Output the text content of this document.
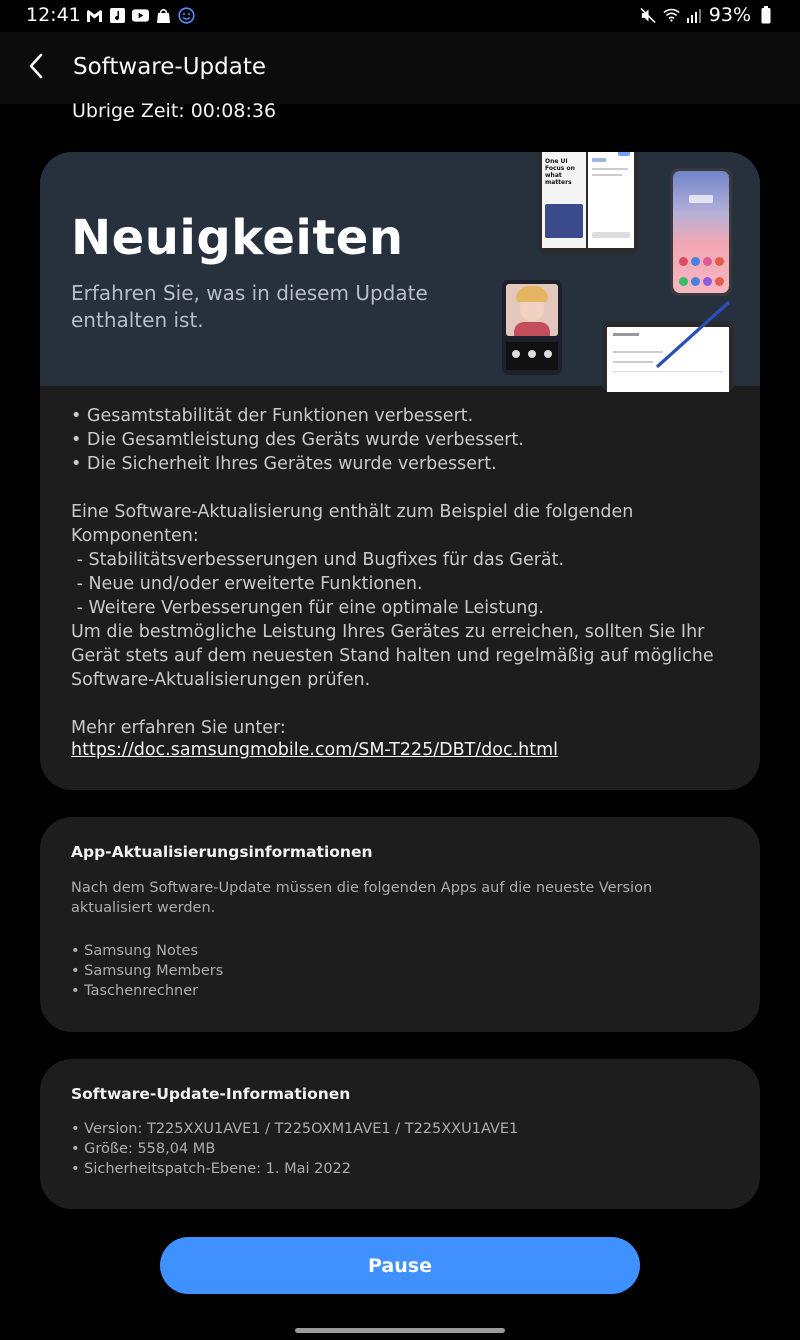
12:41	93%
Software-Update
Ubrige Zeit: 00:08:36
Neuigkeiten
Erfahren Sie, was in diesem Update enthalten ist.
One UI
Focus on
what matters
• Gesamtstabilität der Funktionen verbessert.
• Die Gesamtleistung des Geräts wurde verbessert.
• Die Sicherheit Ihres Gerätes wurde verbessert.

Eine Software-Aktualisierung enthält zum Beispiel die folgenden Komponenten:
- Stabilitätsverbesserungen und Bugfixes für das Gerät.
- Neue und/oder erweiterte Funktionen.
- Weitere Verbesserungen für eine optimale Leistung.
Um die bestmögliche Leistung Ihres Gerätes zu erreichen, sollten Sie Ihr Gerät stets auf dem neuesten Stand halten und regelmäßig auf mögliche Software-Aktualisierungen prüfen.

Mehr erfahren Sie unter:
https://doc.samsungmobile.com/SM-T225/DBT/doc.html
App-Aktualisierungsinformationen
Nach dem Software-Update müssen die folgenden Apps auf die neueste Version aktualisiert werden.
• Samsung Notes
• Samsung Members
• Taschenrechner
Software-Update-Informationen
• Version: T225XXU1AVE1 / T225OXM1AVE1 / T225XXU1AVE1
• Größe: 558,04 MB
• Sicherheitspatch-Ebene: 1. Mai 2022
Pause
